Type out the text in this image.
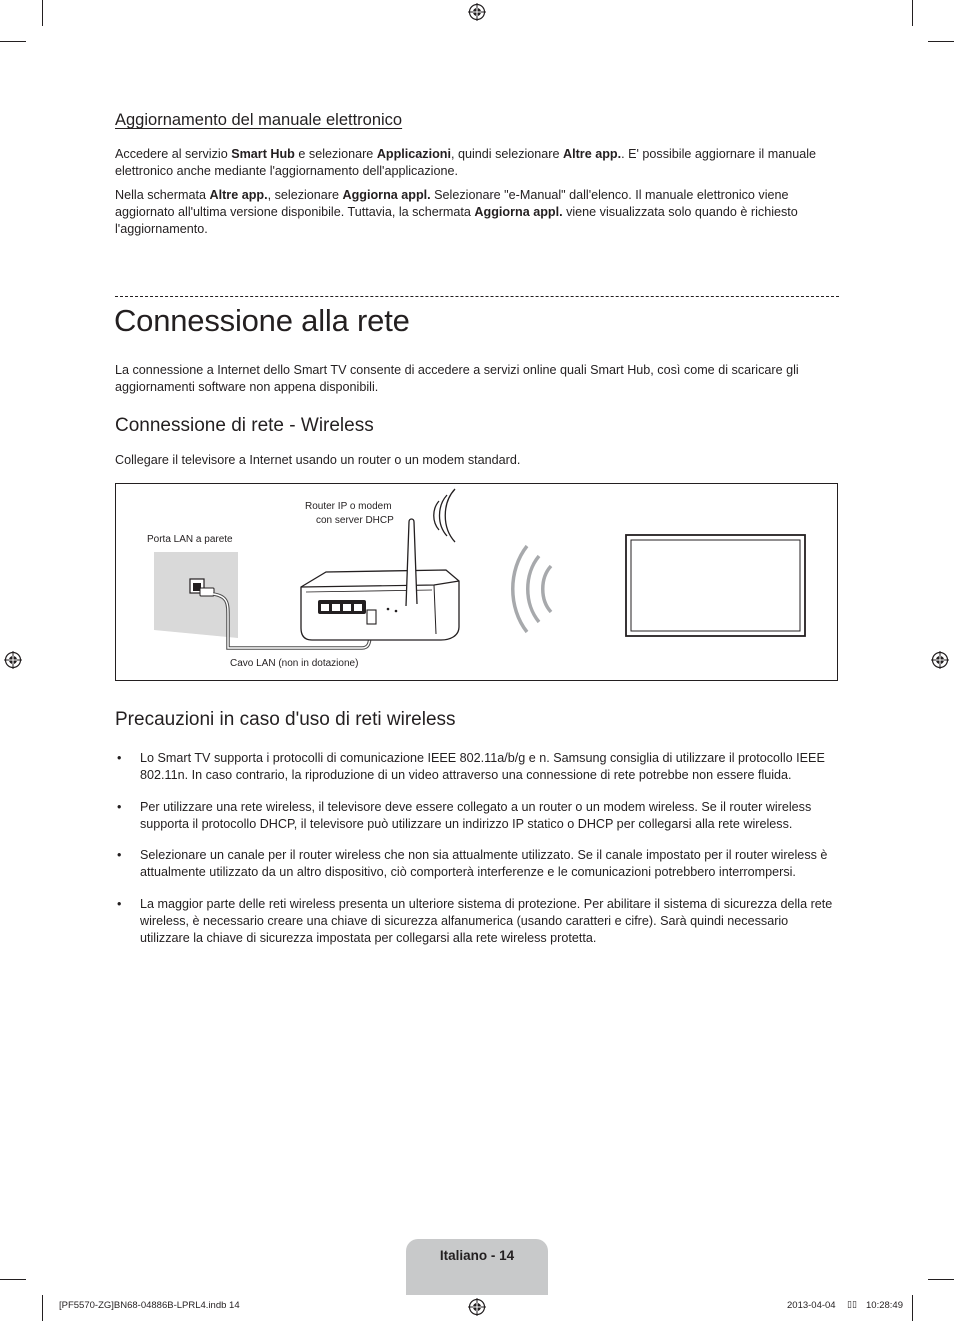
Aggiornamento del manuale elettronico

Accedere al servizio Smart Hub e selezionare Applicazioni, quindi selezionare Altre app.. E' possibile aggiornare il manuale elettronico anche mediante l'aggiornamento dell'applicazione.

Nella schermata Altre app., selezionare Aggiorna appl. Selezionare "e-Manual" dall'elenco. Il manuale elettronico viene aggiornato all'ultima versione disponibile. Tuttavia, la schermata Aggiorna appl. viene visualizzata solo quando è richiesto l'aggiornamento.

Connessione alla rete

La connessione a Internet dello Smart TV consente di accedere a servizi online quali Smart Hub, così come di scaricare gli aggiornamenti software non appena disponibili.

Connessione di rete - Wireless

Collegare il televisore a Internet usando un router o un modem standard.

Router IP o modem
con server DHCP
Porta LAN a parete
Cavo LAN (non in dotazione)
Precauzioni in caso d'uso di reti wireless
• Lo Smart TV supporta i protocolli di comunicazione IEEE 802.11a/b/g e n. Samsung consiglia di utilizzare il protocollo IEEE 802.11n. In caso contrario, la riproduzione di un video attraverso una connessione di rete potrebbe non essere fluida.
• Per utilizzare una rete wireless, il televisore deve essere collegato a un router o un modem wireless. Se il router wireless supporta il protocollo DHCP, il televisore può utilizzare un indirizzo IP statico o DHCP per collegarsi alla rete wireless.
• Selezionare un canale per il router wireless che non sia attualmente utilizzato. Se il canale impostato per il router wireless è attualmente utilizzato da un altro dispositivo, ciò comporterà interferenze e le comunicazioni potrebbero interrompersi.
• La maggior parte delle reti wireless presenta un ulteriore sistema di protezione. Per abilitare il sistema di sicurezza della rete wireless, è necessario creare una chiave di sicurezza alfanumerica (usando caratteri e cifre). Sarà quindi necessario utilizzare la chiave di sicurezza impostata per collegarsi alla rete wireless protetta.
Italiano - 14
[PF5570-ZG]BN68-04886B-LPRL4.indb 14	2013-04-04 ▯▯ 10:28:49
